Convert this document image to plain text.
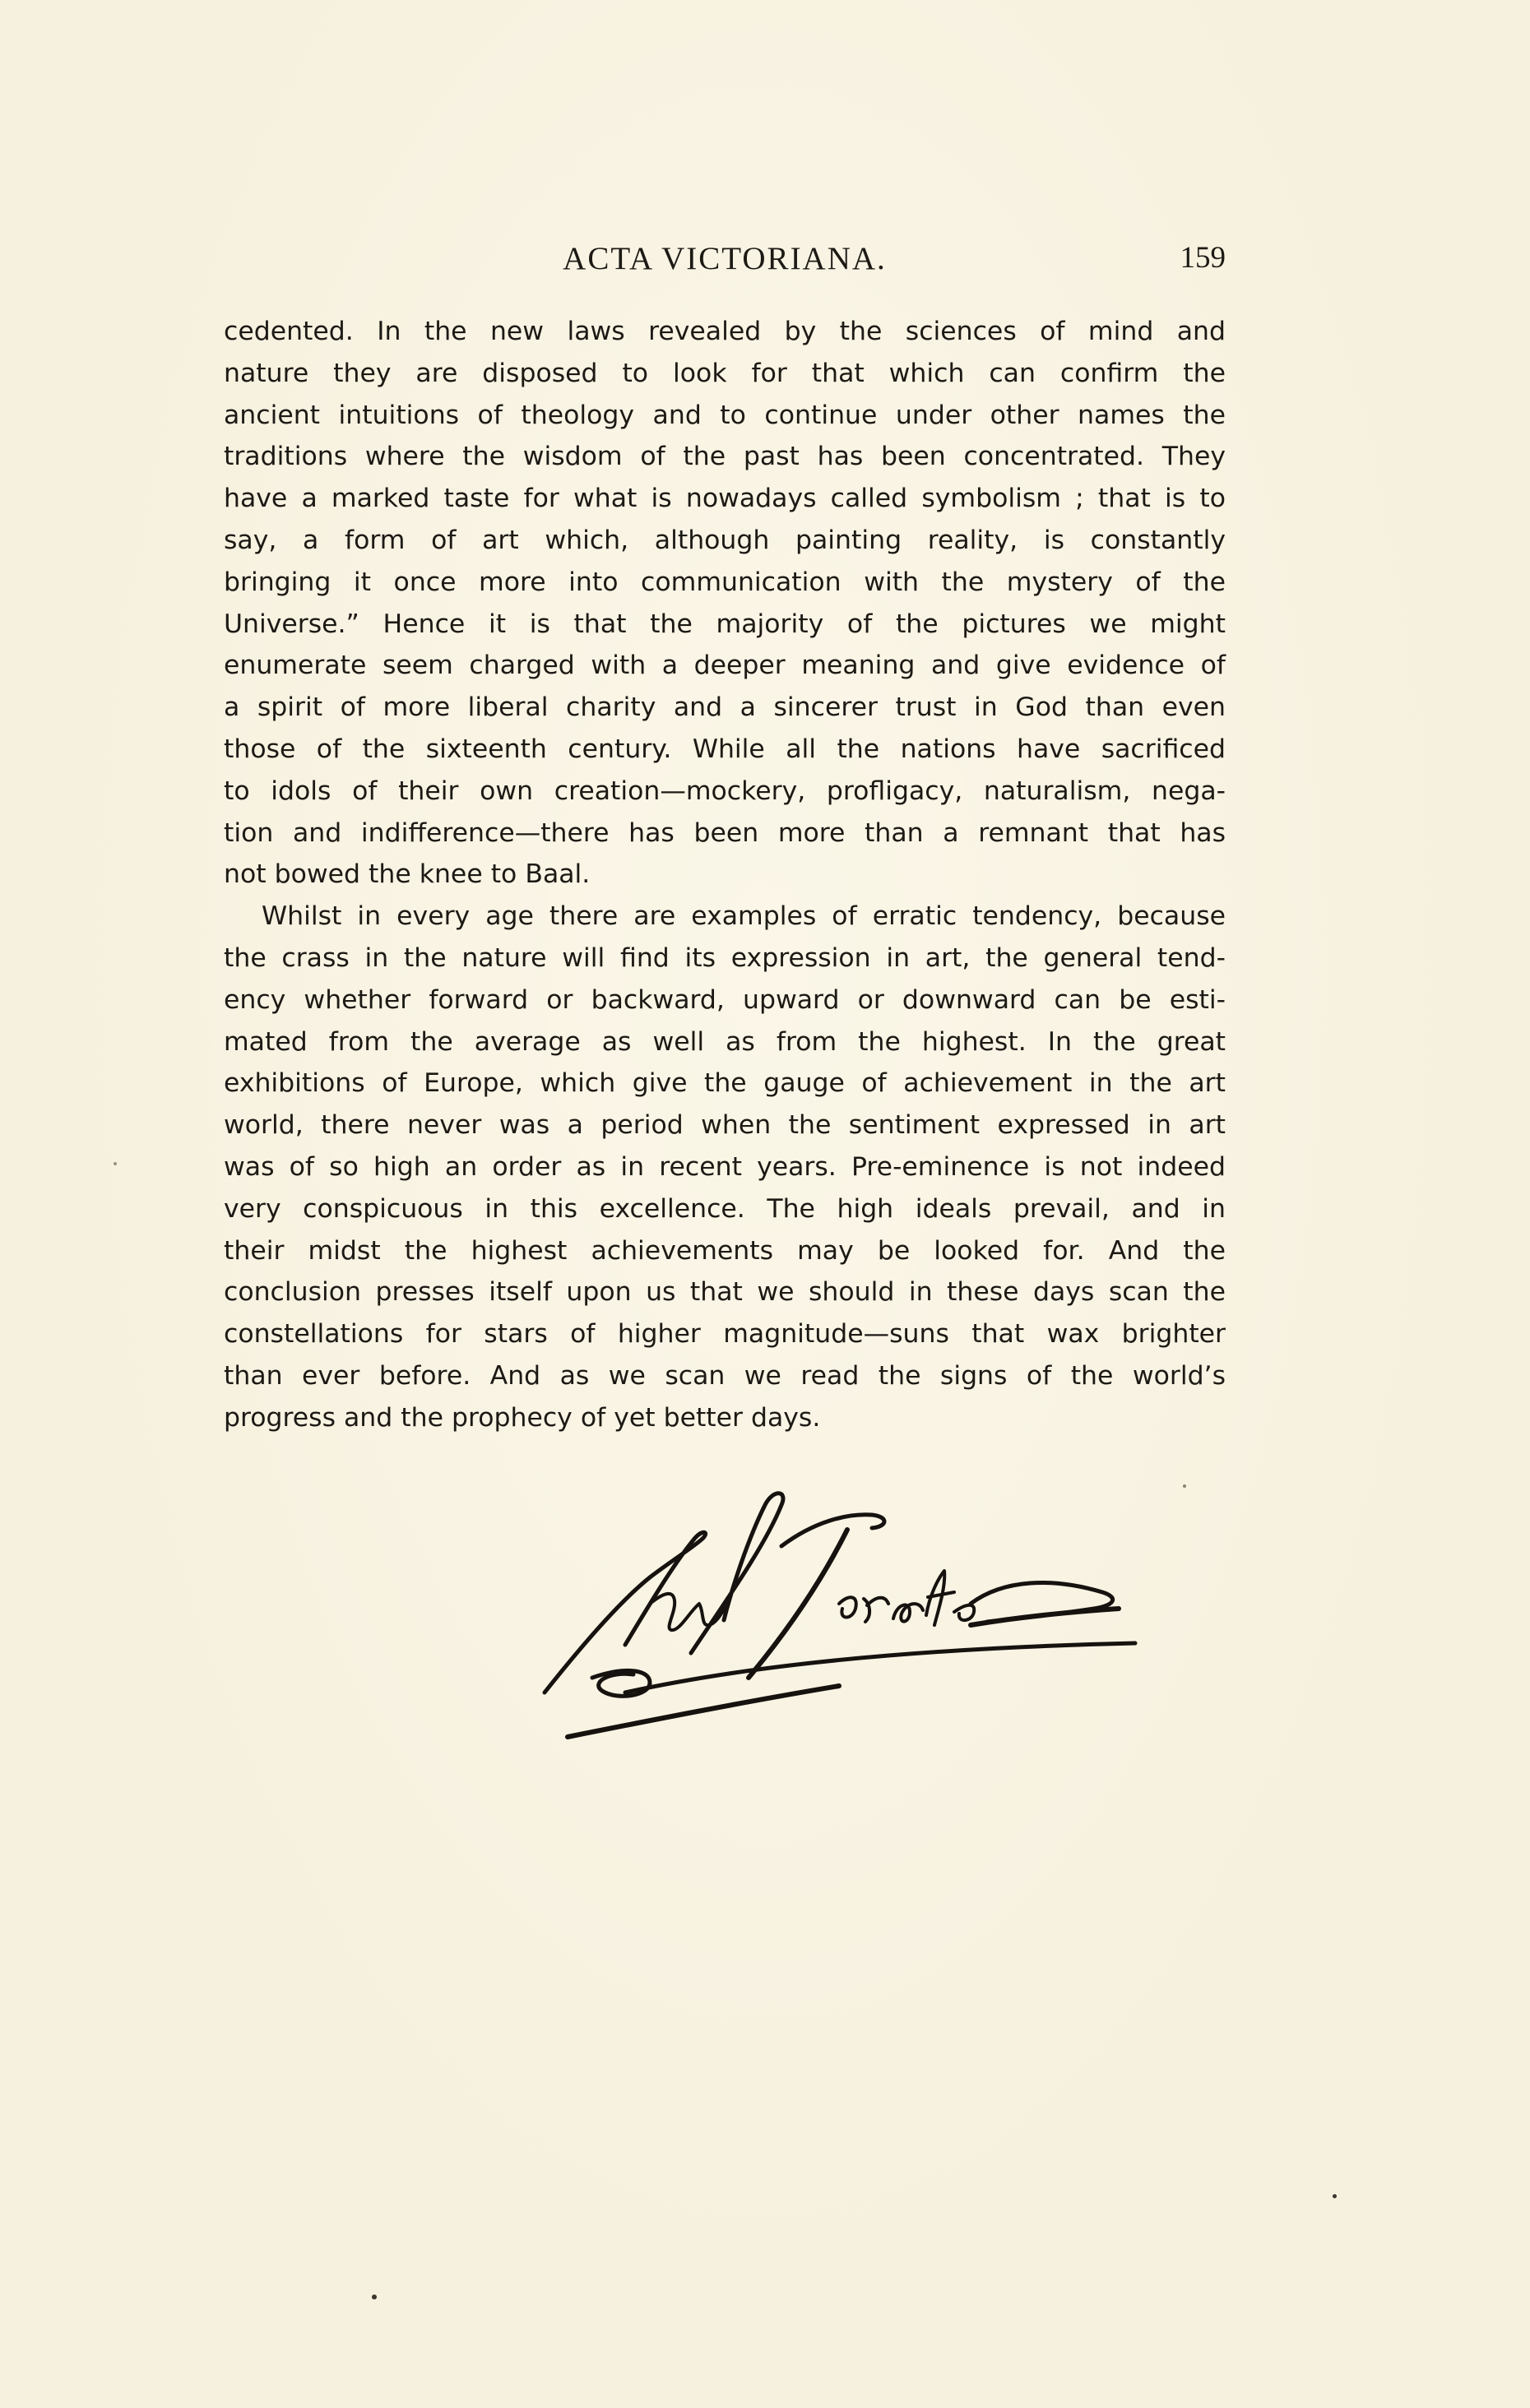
ACTA VICTORIANA.	159
cedented. In the new laws revealed by the sciences of mind and
nature they are disposed to look for that which can confirm the
ancient intuitions of theology and to continue under other names the
traditions where the wisdom of the past has been concentrated. They
have a marked taste for what is nowadays called symbolism ; that is to
say, a form of art which, although painting reality, is constantly
bringing it once more into communication with the mystery of the
Universe.” Hence it is that the majority of the pictures we might
enumerate seem charged with a deeper meaning and give evidence of
a spirit of more liberal charity and a sincerer trust in God than even
those of the sixteenth century. While all the nations have sacrificed
to idols of their own creation—mockery, profligacy, naturalism, nega-
tion and indifference—there has been more than a remnant that has
not bowed the knee to Baal.
Whilst in every age there are examples of erratic tendency, because
the crass in the nature will find its expression in art, the general tend-
ency whether forward or backward, upward or downward can be esti-
mated from the average as well as from the highest. In the great
exhibitions of Europe, which give the gauge of achievement in the art
world, there never was a period when the sentiment expressed in art
was of so high an order as in recent years. Pre-eminence is not indeed
very conspicuous in this excellence. The high ideals prevail, and in
their midst the highest achievements may be looked for. And the
conclusion presses itself upon us that we should in these days scan the
constellations for stars of higher magnitude—suns that wax brighter
than ever before. And as we scan we read the signs of the world’s
progress and the prophecy of yet better days.
